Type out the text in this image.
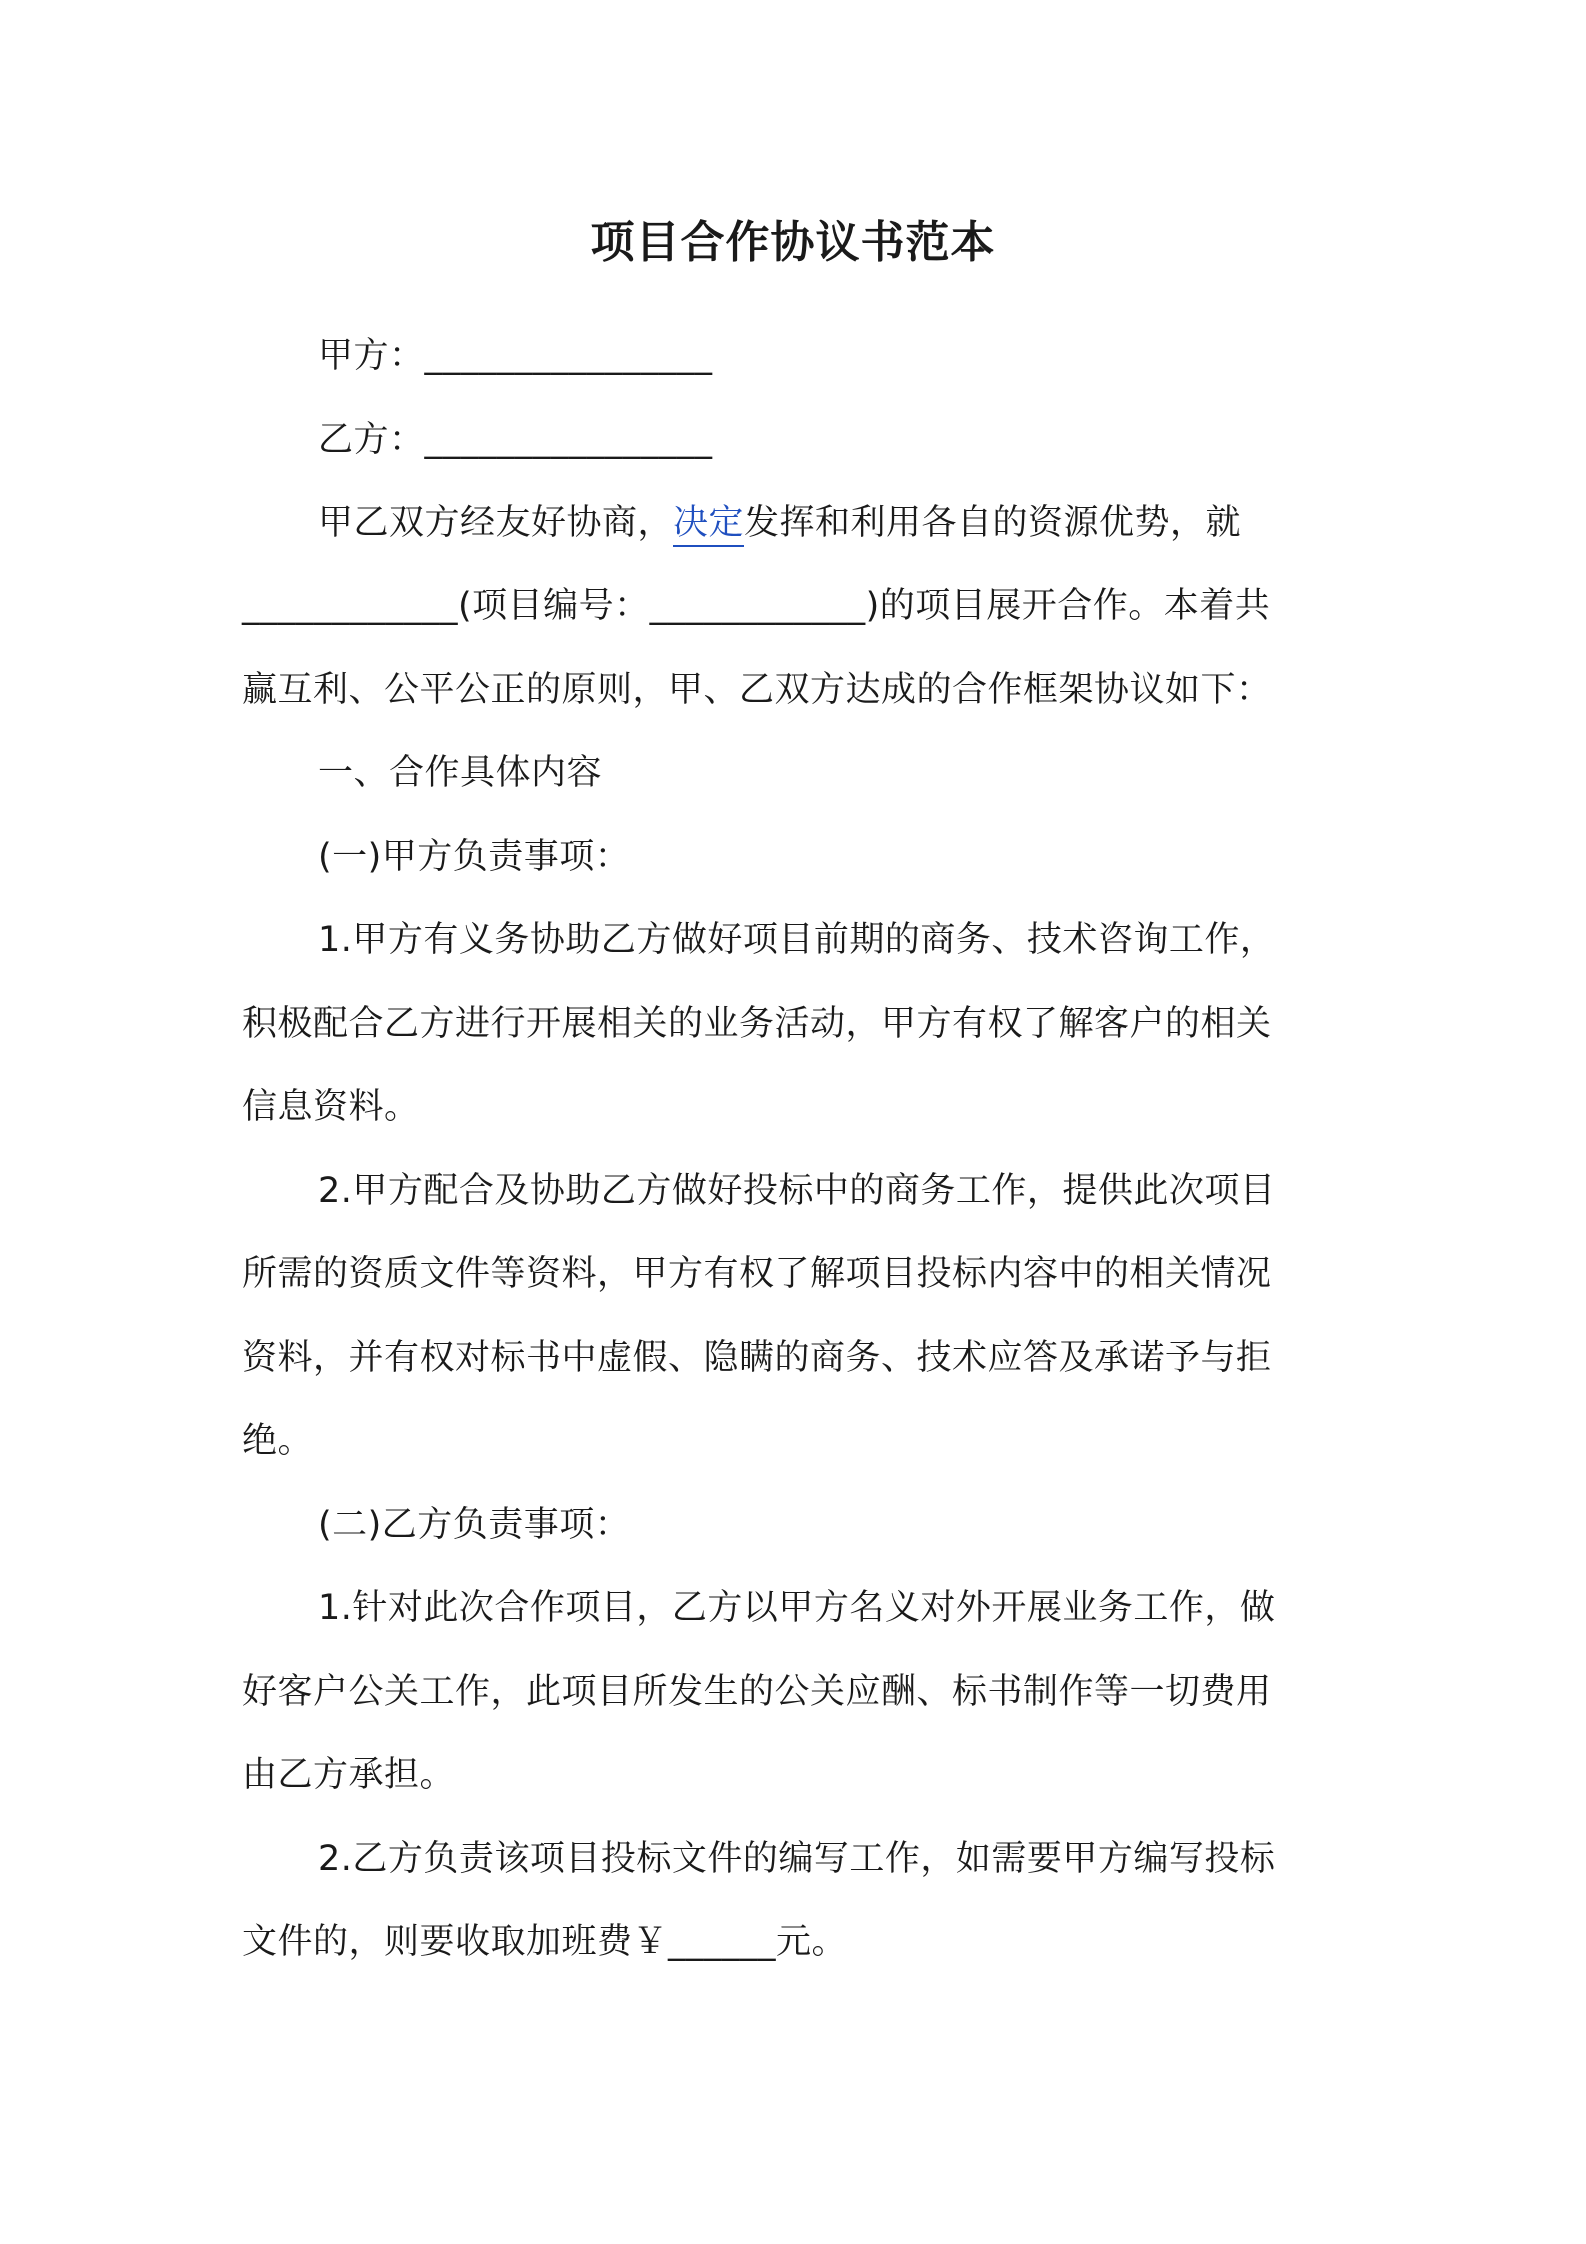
项目合作协议书范本
甲方：________________
乙方：________________
甲乙双方经友好协商，决定发挥和利用各自的资源优势，就
____________(项目编号：____________)的项目展开合作。本着共
赢互利、公平公正的原则，甲、乙双方达成的合作框架协议如下：
一、合作具体内容
(一)甲方负责事项：
1.甲方有义务协助乙方做好项目前期的商务、技术咨询工作，
积极配合乙方进行开展相关的业务活动，甲方有权了解客户的相关
信息资料。
2.甲方配合及协助乙方做好投标中的商务工作，提供此次项目
所需的资质文件等资料，甲方有权了解项目投标内容中的相关情况
资料，并有权对标书中虚假、隐瞒的商务、技术应答及承诺予与拒
绝。
(二)乙方负责事项：
1.针对此次合作项目，乙方以甲方名义对外开展业务工作，做
好客户公关工作，此项目所发生的公关应酬、标书制作等一切费用
由乙方承担。
2.乙方负责该项目投标文件的编写工作，如需要甲方编写投标
文件的，则要收取加班费￥______元。
